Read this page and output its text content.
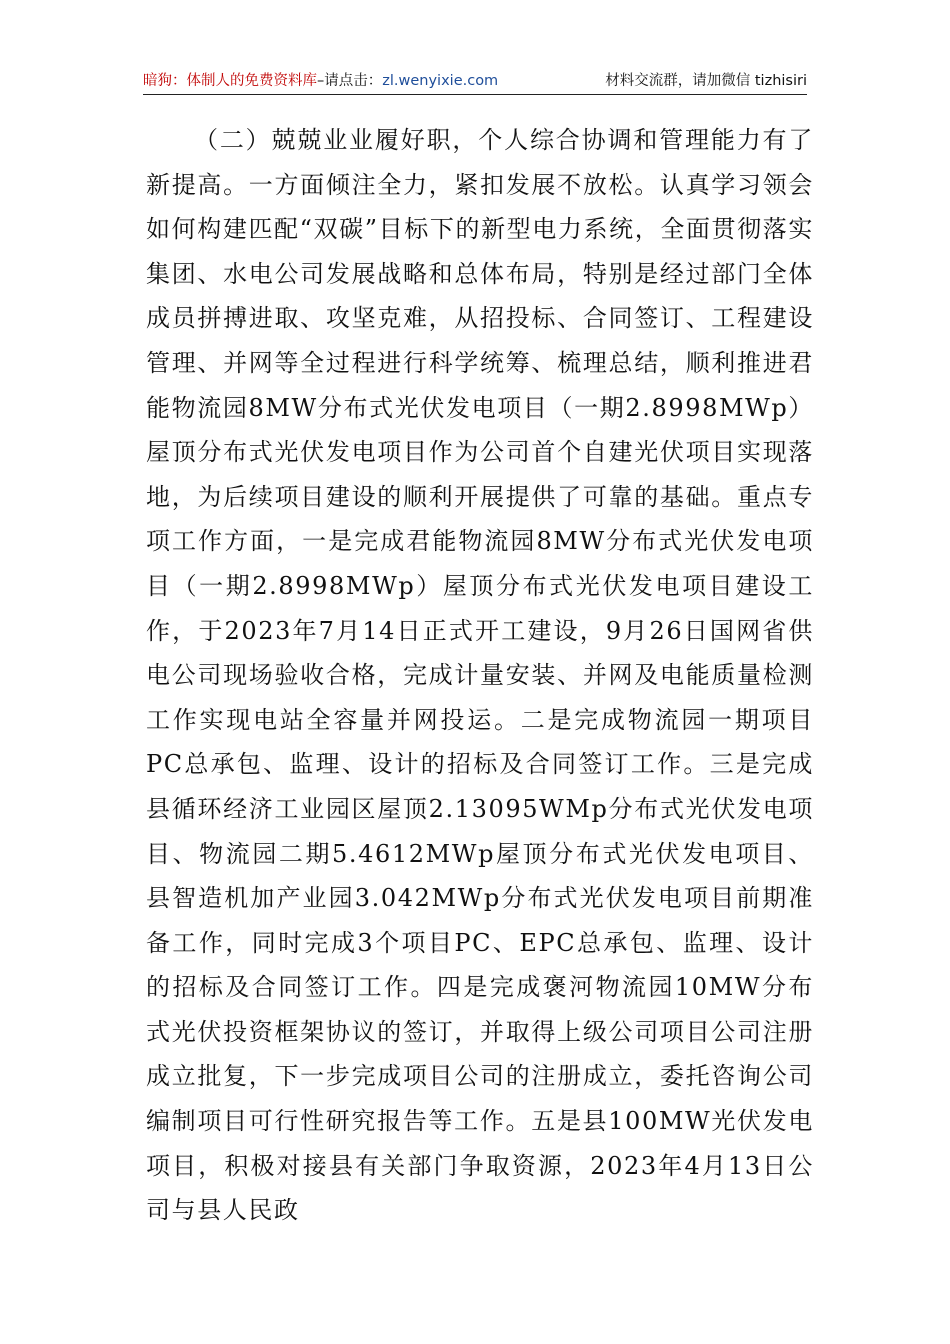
暗狗：体制人的免费资料库–请点击：zl.wenyixie.com	材料交流群，请加微信 tizhisiri

（二）兢兢业业履好职，个人综合协调和管理能力有了新提高。一方面倾注全力，紧扣发展不放松。认真学习领会如何构建匹配“双碳”目标下的新型电力系统，全面贯彻落实集团、水电公司发展战略和总体布局，特别是经过部门全体成员拼搏进取、攻坚克难，从招投标、合同签订、工程建设管理、并网等全过程进行科学统筹、梳理总结，顺利推进君能物流园8MW分布式光伏发电项目（一期2.8998MWp）屋顶分布式光伏发电项目作为公司首个自建光伏项目实现落地，为后续项目建设的顺利开展提供了可靠的基础。重点专项工作方面，一是完成君能物流园8MW分布式光伏发电项目（一期2.8998MWp）屋顶分布式光伏发电项目建设工作，于2023年7月14日正式开工建设，9月26日国网省供电公司现场验收合格，完成计量安装、并网及电能质量检测工作实现电站全容量并网投运。二是完成物流园一期项目PC总承包、监理、设计的招标及合同签订工作。三是完成县循环经济工业园区屋顶2.13095WMp分布式光伏发电项目、物流园二期5.4612MWp屋顶分布式光伏发电项目、县智造机加产业园3.042MWp分布式光伏发电项目前期准备工作，同时完成3个项目PC、EPC总承包、监理、设计的招标及合同签订工作。四是完成褒河物流园10MW分布式光伏投资框架协议的签订，并取得上级公司项目公司注册成立批复，下一步完成项目公司的注册成立，委托咨询公司编制项目可行性研究报告等工作。五是县100MW光伏发电项目，积极对接县有关部门争取资源，2023年4月13日公司与县人民政
